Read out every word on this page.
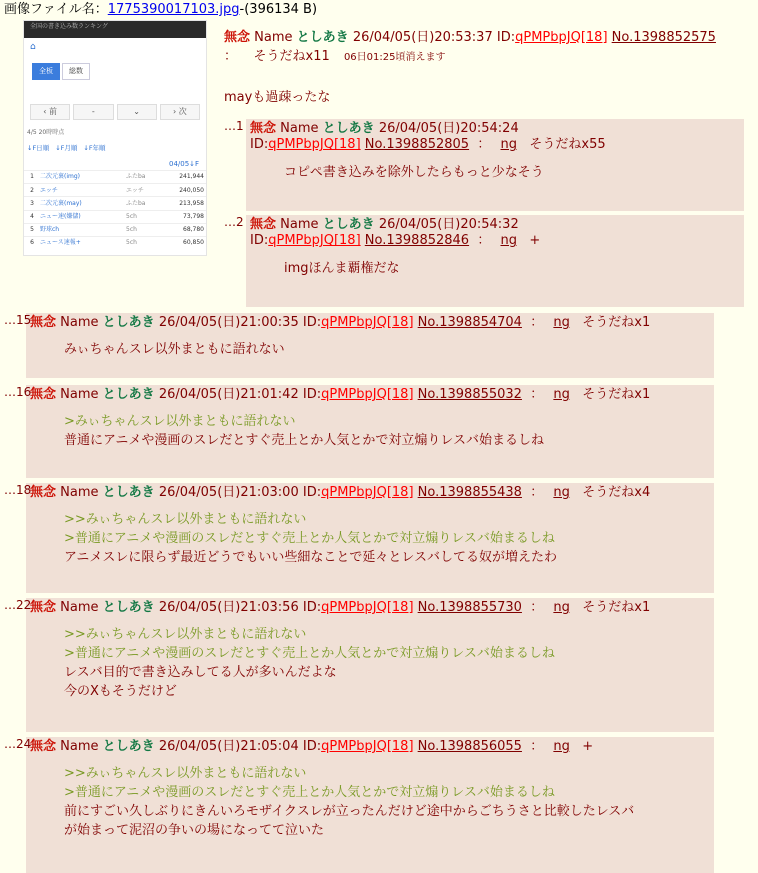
画像ファイル名：1775390017103.jpg-(396134 B)
全国の書き込み数ランキング
⌂
全板	総数
‹ 前	-	⌄	› 次
4/5 20時時点
↓F日順 ↓F月順 ↓F年順
04/05↓F
1	二次元裏(img)	ふたba	241,944
2	エッチ	エッチ	240,050
3	二次元裏(may)	ふたba	213,958
4	ニュー速(嫌儲)	5ch	73,798
5	野球ch	5ch	68,780
6	ニュース速報+	5ch	60,850
無念 Name としあき 26/04/05(日)20:53:37 ID:qPMPbpJQ[18] No.1398852575
： そうだねx11 06日01:25頃消えます
mayも過疎ったな
…1 無念 Name としあき 26/04/05(日)20:54:24
ID:qPMPbpJQ[18] No.1398852805 ： ng そうだねx55
コピペ書き込みを除外したらもっと少なそう
…2 無念 Name としあき 26/04/05(日)20:54:32
ID:qPMPbpJQ[18] No.1398852846 ： ng +
imgほんま覇権だな
…15
無念 Name としあき 26/04/05(日)21:00:35 ID:qPMPbpJQ[18] No.1398854704 ： ng そうだねx1
みぃちゃんスレ以外まともに語れない
…16
無念 Name としあき 26/04/05(日)21:01:42 ID:qPMPbpJQ[18] No.1398855032 ： ng そうだねx1
>みぃちゃんスレ以外まともに語れない
普通にアニメや漫画のスレだとすぐ売上とか人気とかで対立煽りレスバ始まるしね
…18
無念 Name としあき 26/04/05(日)21:03:00 ID:qPMPbpJQ[18] No.1398855438 ： ng そうだねx4
>>みぃちゃんスレ以外まともに語れない
>普通にアニメや漫画のスレだとすぐ売上とか人気とかで対立煽りレスバ始まるしね
アニメスレに限らず最近どうでもいい些細なことで延々とレスバしてる奴が増えたわ
…22
無念 Name としあき 26/04/05(日)21:03:56 ID:qPMPbpJQ[18] No.1398855730 ： ng そうだねx1
>>みぃちゃんスレ以外まともに語れない
>普通にアニメや漫画のスレだとすぐ売上とか人気とかで対立煽りレスバ始まるしね
レスバ目的で書き込みしてる人が多いんだよな
今のXもそうだけど
…24
無念 Name としあき 26/04/05(日)21:05:04 ID:qPMPbpJQ[18] No.1398856055 ： ng +
>>みぃちゃんスレ以外まともに語れない
>普通にアニメや漫画のスレだとすぐ売上とか人気とかで対立煽りレスバ始まるしね
前にすごい久しぶりにきんいろモザイクスレが立ったんだけど途中からごちうさと比較したレスバ
が始まって泥沼の争いの場になってて泣いた
